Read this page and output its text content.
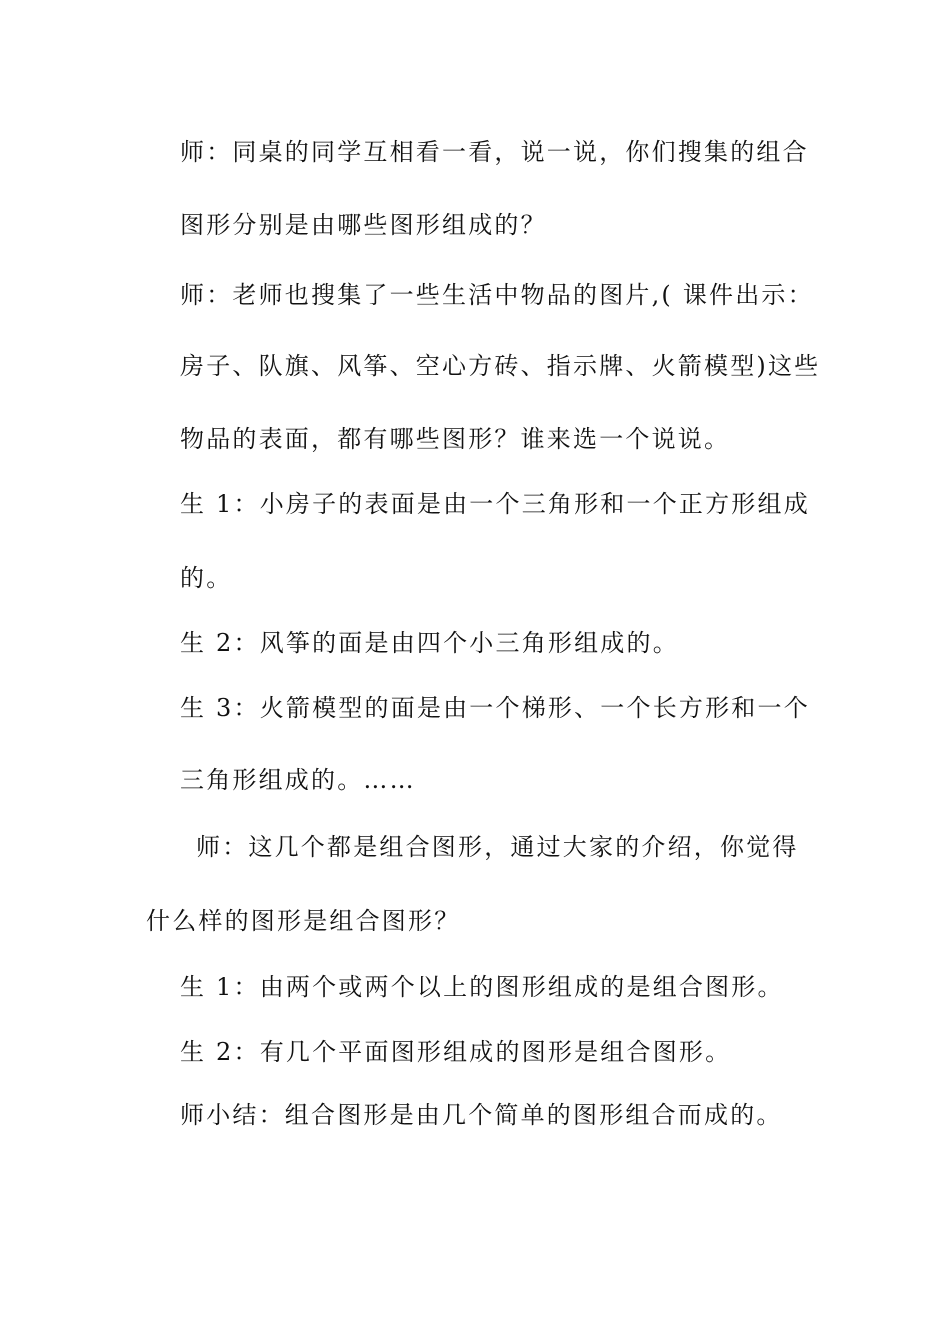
师：同桌的同学互相看一看，说一说，你们搜集的组合
图形分别是由哪些图形组成的？
师：老师也搜集了一些生活中物品的图片,( 课件出示：
房子、队旗、风筝、空心方砖、指示牌、火箭模型)这些
物品的表面，都有哪些图形？谁来选一个说说。
生 1：小房子的表面是由一个三角形和一个正方形组成
的。
生 2：风筝的面是由四个小三角形组成的。
生 3：火箭模型的面是由一个梯形、一个长方形和一个
三角形组成的。……
师：这几个都是组合图形，通过大家的介绍，你觉得
什么样的图形是组合图形？
生 1：由两个或两个以上的图形组成的是组合图形。
生 2：有几个平面图形组成的图形是组合图形。
师小结：组合图形是由几个简单的图形组合而成的。
